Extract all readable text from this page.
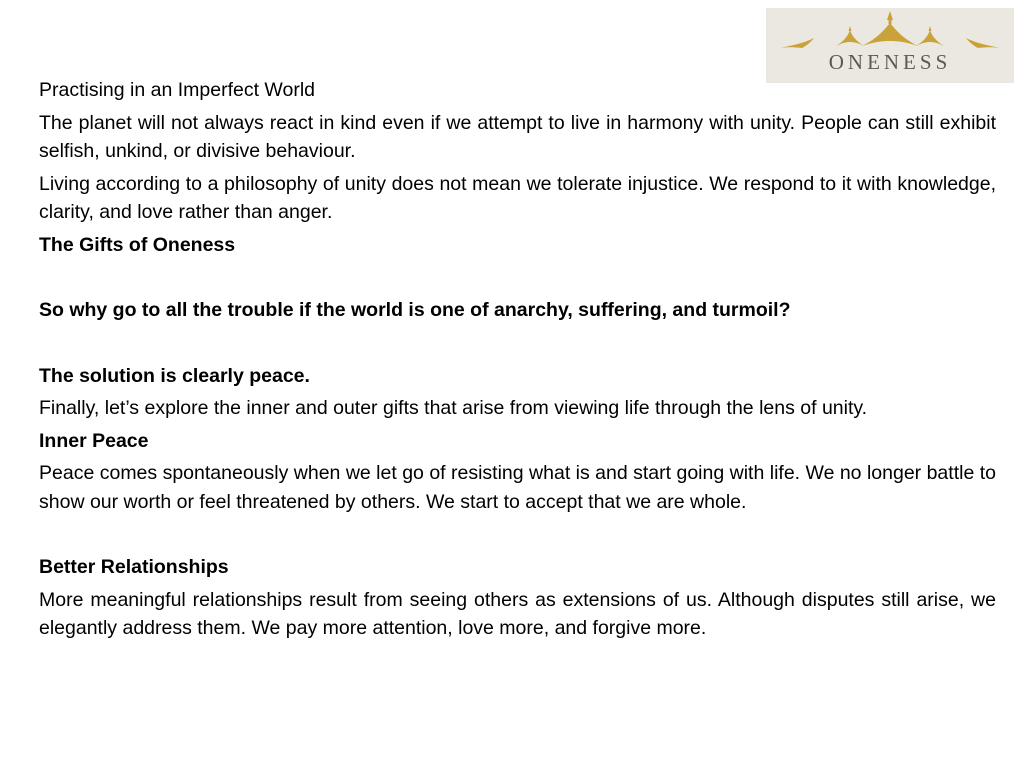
ONENESS

Practising in an Imperfect World

The planet will not always react in kind even if we attempt to live in harmony with unity. People can still exhibit selfish, unkind, or divisive behaviour.

Living according to a philosophy of unity does not mean we tolerate injustice. We respond to it with knowledge, clarity, and love rather than anger.

The Gifts of Oneness

So why go to all the trouble if the world is one of anarchy, suffering, and turmoil?

The solution is clearly peace.

Finally, let’s explore the inner and outer gifts that arise from viewing life through the lens of unity.

Inner Peace

Peace comes spontaneously when we let go of resisting what is and start going with life. We no longer battle to show our worth or feel threatened by others. We start to accept that we are whole.

Better Relationships

More meaningful relationships result from seeing others as extensions of us. Although disputes still arise, we elegantly address them. We pay more attention, love more, and forgive more.
